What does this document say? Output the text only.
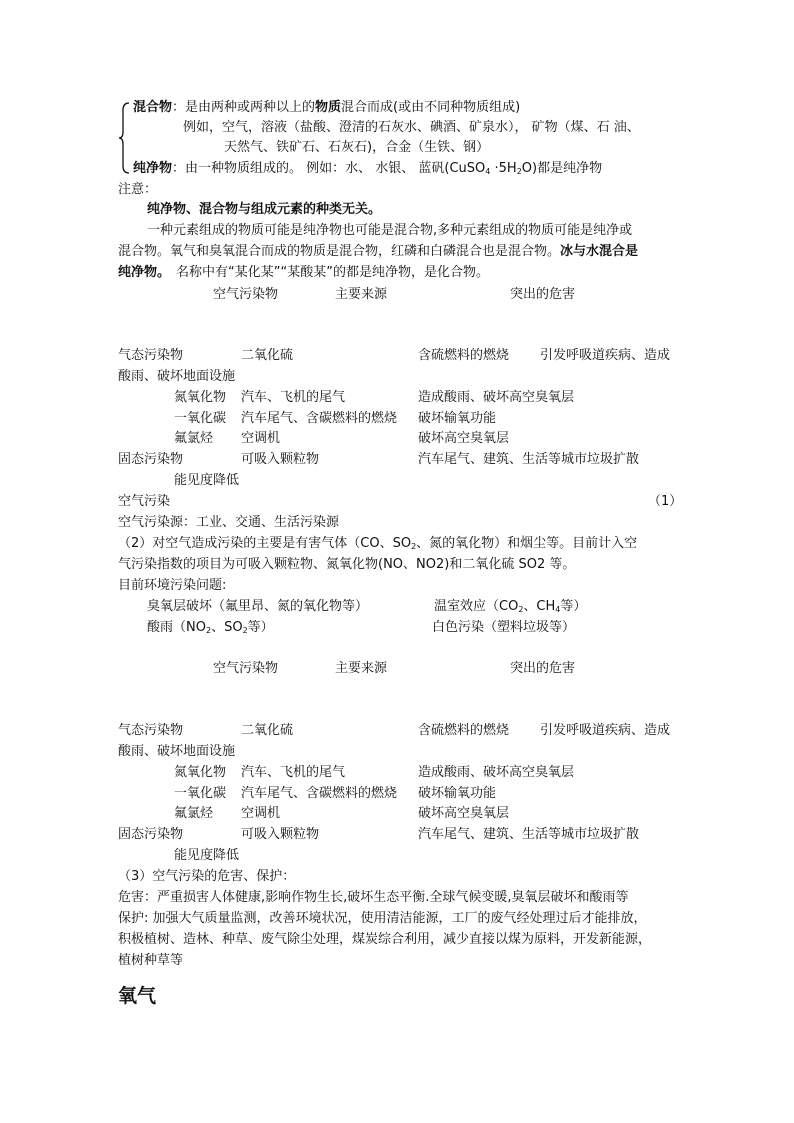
混合物：是由两种或两种以上的物质混合而成(或由不同种物质组成)
例如，空气，溶液（盐酸、澄清的石灰水、碘酒、矿泉水）， 矿物（煤、石 油、
天然气、铁矿石、石灰石)，合金（生铁、钢）
纯净物：由一种物质组成的。 例如：水、 水银、 蓝矾(CuSO$_4$ $\cdot 5H_2O$)都是纯净物
注意：
纯净物、混合物与组成元素的种类无关。
一种元素组成的物质可能是纯净物也可能是混合物,多种元素组成的物质可能是纯净或
混合物。氧气和臭氧混合而成的物质是混合物，红磷和白磷混合也是混合物。冰与水混合是
纯净物。 名称中有“某化某”“某酸某”的都是纯净物，是化合物。
空气污染物	主要来源	突出的危害
气态污染物	二氧化硫	含硫燃料的燃烧 引发呼吸道疾病、造成
酸雨、破坏地面设施
氮氧化物 汽车、飞机的尾气	造成酸雨、破坏高空臭氧层
一氧化碳 汽车尾气、含碳燃料的燃烧 破坏输氧功能
氟氯烃 空调机	破坏高空臭氧层
固态污染物	可吸入颗粒物	汽车尾气、建筑、生活等城市垃圾扩散
能见度降低
空气污染	（1）
空气污染源：工业、交通、生活污染源
（2）对空气造成污染的主要是有害气体（CO、$SO_2$、氮的氧化物）和烟尘等。目前计入空
气污染指数的项目为可吸入颗粒物、氮氧化物(NO、NO2)和二氧化硫 SO2 等。
目前环境污染问题:
臭氧层破坏（氟里昂、氮的氧化物等）	温室效应（$CO_2$、$CH_4$等）
酸雨（$NO_2$、$SO_2$等）	白色污染（塑料垃圾等）
空气污染物	主要来源	突出的危害
气态污染物	二氧化硫	含硫燃料的燃烧 引发呼吸道疾病、造成
酸雨、破坏地面设施
氮氧化物 汽车、飞机的尾气	造成酸雨、破坏高空臭氧层
一氧化碳 汽车尾气、含碳燃料的燃烧 破坏输氧功能
氟氯烃 空调机	破坏高空臭氧层
固态污染物	可吸入颗粒物	汽车尾气、建筑、生活等城市垃圾扩散
能见度降低
（3）空气污染的危害、保护：
危害：严重损害人体健康,影响作物生长,破坏生态平衡.全球气候变暖,臭氧层破坏和酸雨等
保护: 加强大气质量监测，改善环境状况，使用清洁能源，工厂的废气经处理过后才能排放，
积极植树、造林、种草、废气除尘处理，煤炭综合利用，减少直接以煤为原料，开发新能源，
植树种草等
氧气
